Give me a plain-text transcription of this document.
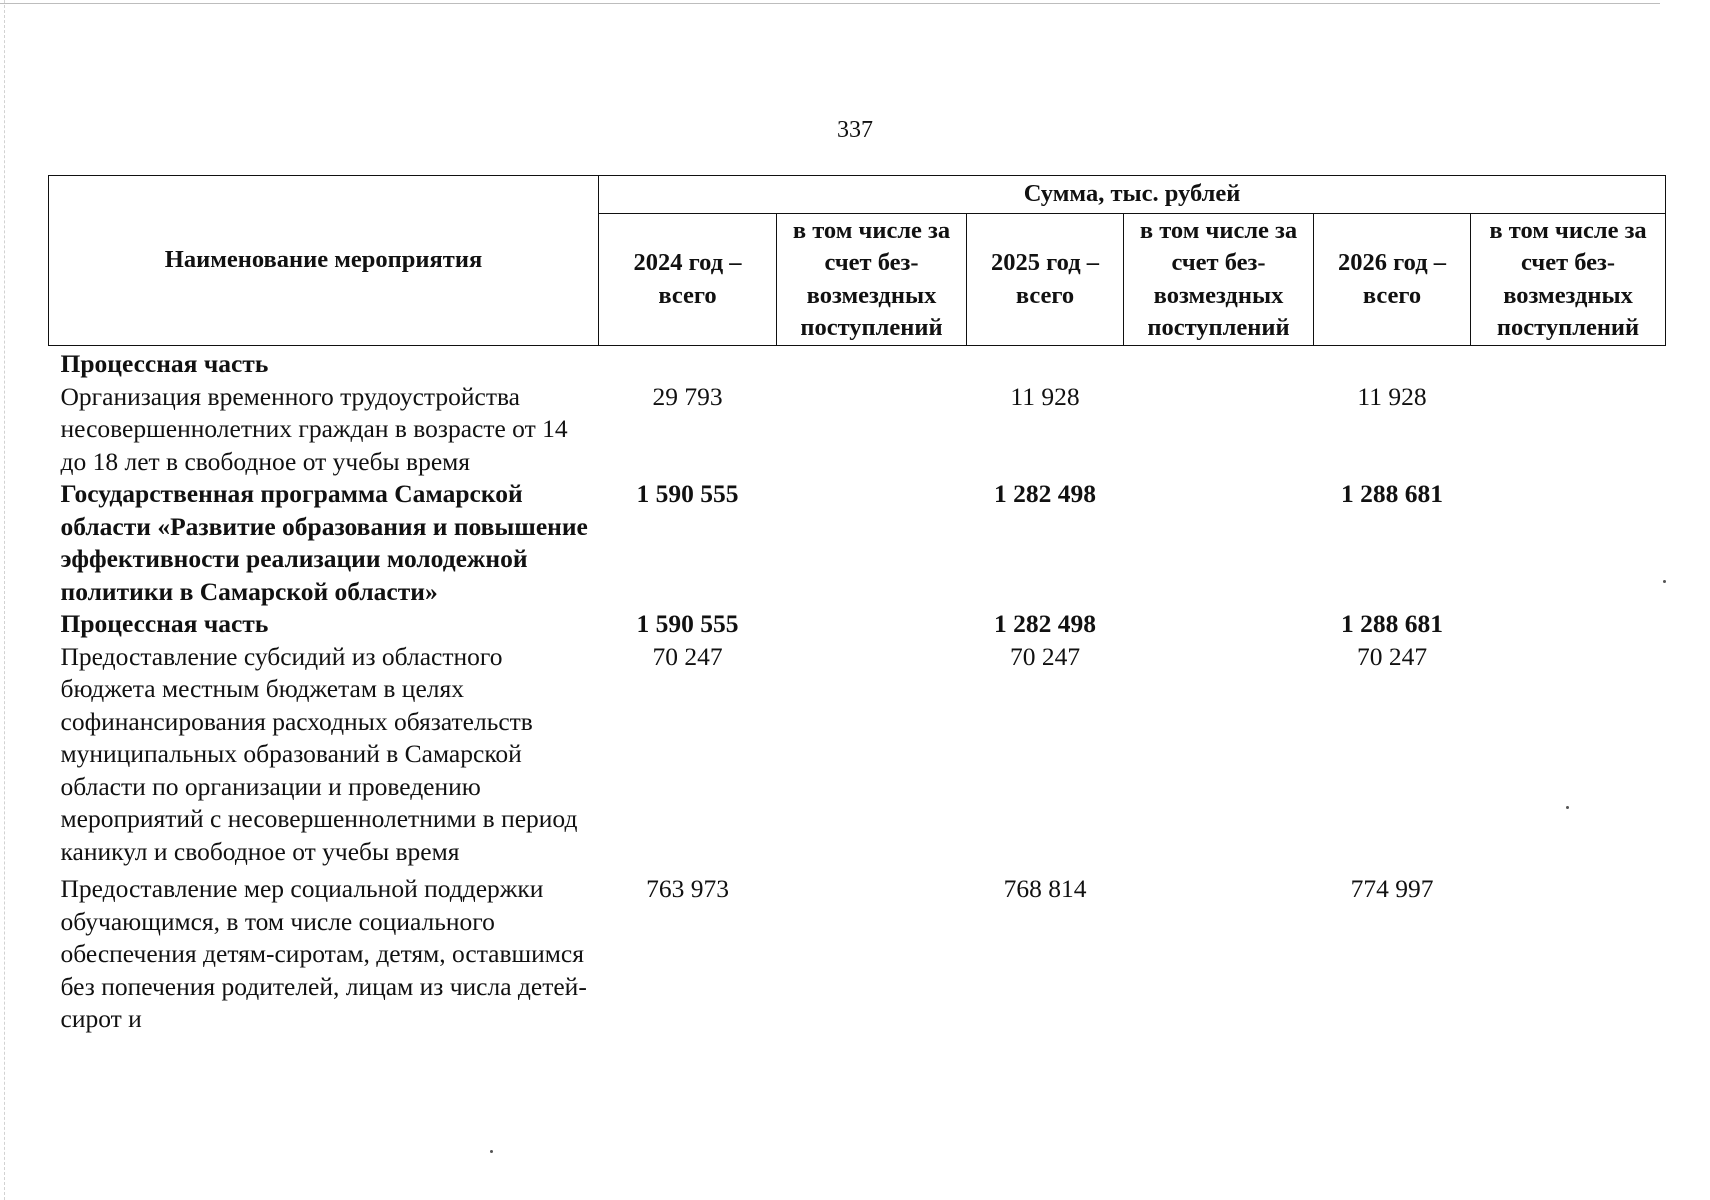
337
Наименование мероприятия	Сумма, тыс. рублей					
	2024 год – всего	в том числе за счет без-возмездных поступлений	2025 год – всего	в том числе за счет без-возмездных поступлений	2026 год – всего	в том числе за счет без-возмездных поступлений
Процессная часть						
Организация временного трудоустройства несовершеннолетних граждан в возрасте от 14 до 18 лет в свободное от учебы время	29 793		11 928		11 928	
Государственная программа Самарской области «Развитие образования и повышение эффективности реализации молодежной политики в Самарской области»	1 590 555		1 282 498		1 288 681	
Процессная часть	1 590 555		1 282 498		1 288 681	
Предоставление субсидий из областного бюджета местным бюджетам в целях софинансирования расходных обязательств муниципальных образований в Самарской области по организации и проведению мероприятий с несовершеннолетними в период каникул и свободное от учебы время	70 247		70 247		70 247	
Предоставление мер социальной поддержки обучающимся, в том числе социального обеспечения детям-сиротам, детям, оставшимся без попечения родителей, лицам из числа детей-сирот и	763 973		768 814		774 997	
